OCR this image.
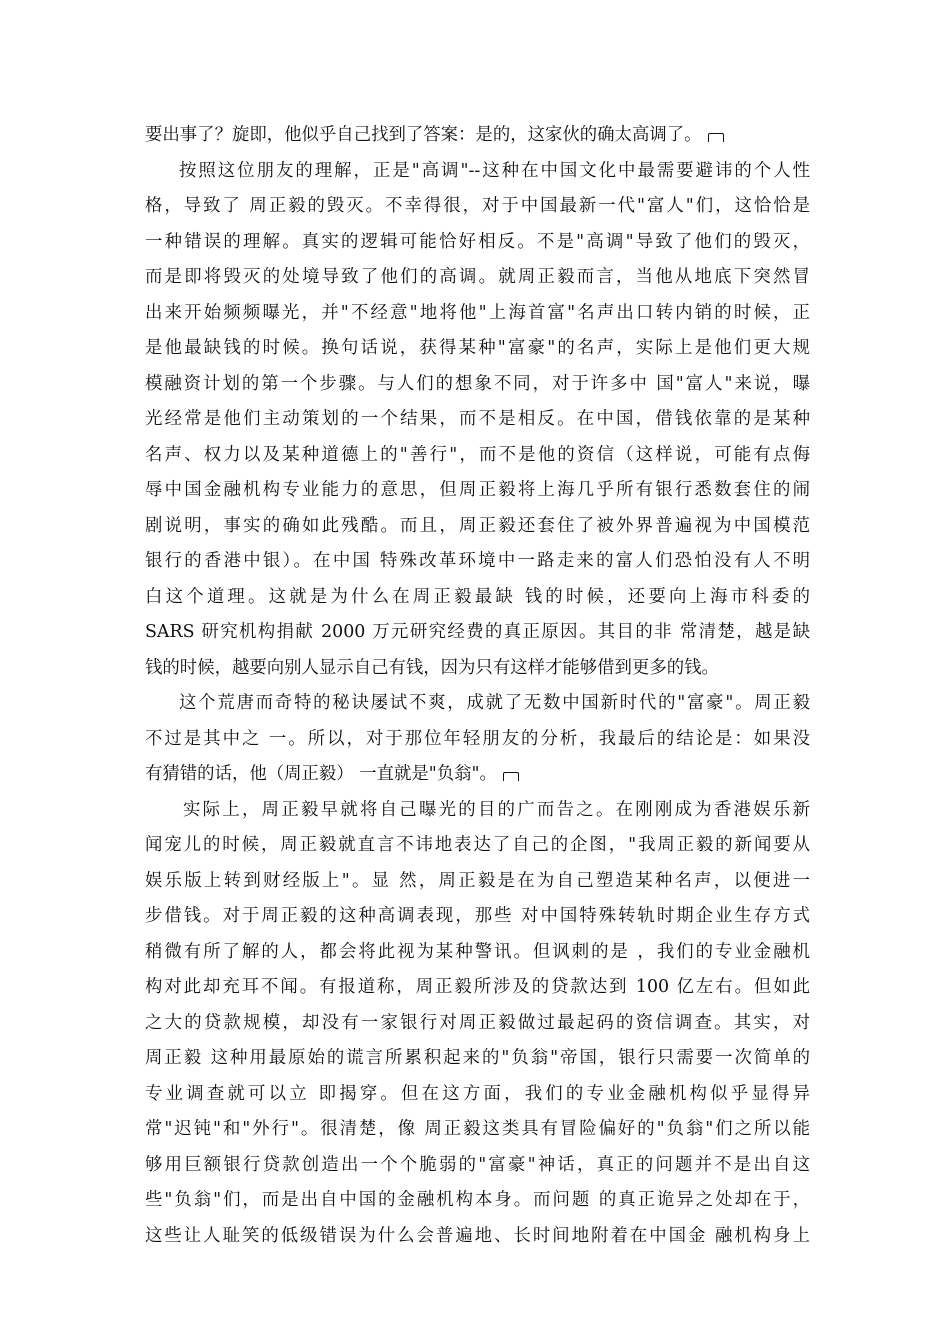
要出事了？旋即，他似乎自己找到了答案：是的，这家伙的确太高调了。
按照这位朋友的理解，正是"高调"--这种在中国文化中最需要避讳的个人性
格，导致了 周正毅的毁灭。不幸得很，对于中国最新一代"富人"们，这恰恰是
一种错误的理解。真实的逻辑可能恰好相反。不是"高调"导致了他们的毁灭，
而是即将毁灭的处境导致了他们的高调。就周正毅而言，当他从地底下突然冒
出来开始频频曝光，并"不经意"地将他"上海首富"名声出口转内销的时候，正
是他最缺钱的时候。换句话说，获得某种"富豪"的名声，实际上是他们更大规
模融资计划的第一个步骤。与人们的想象不同，对于许多中 国"富人"来说，曝
光经常是他们主动策划的一个结果，而不是相反。在中国，借钱依靠的是某种
名声、权力以及某种道德上的"善行"，而不是他的资信（这样说，可能有点侮
辱中国金融机构专业能力的意思，但周正毅将上海几乎所有银行悉数套住的闹
剧说明，事实的确如此残酷。而且，周正毅还套住了被外界普遍视为中国模范
银行的香港中银）。在中国 特殊改革环境中一路走来的富人们恐怕没有人不明
白这个道理。这就是为什么在周正毅最缺 钱的时候，还要向上海市科委的
SARS 研究机构捐献 2000 万元研究经费的真正原因。其目的非 常清楚，越是缺
钱的时候，越要向别人显示自己有钱，因为只有这样才能够借到更多的钱。
这个荒唐而奇特的秘诀屡试不爽，成就了无数中国新时代的"富豪"。周正毅
不过是其中之 一。所以，对于那位年轻朋友的分析，我最后的结论是：如果没
有猜错的话，他（周正毅） 一直就是"负翁"。
实际上，周正毅早就将自己曝光的目的广而告之。在刚刚成为香港娱乐新
闻宠儿的时候，周正毅就直言不讳地表达了自己的企图，"我周正毅的新闻要从
娱乐版上转到财经版上"。显 然，周正毅是在为自己塑造某种名声，以便进一
步借钱。对于周正毅的这种高调表现，那些 对中国特殊转轨时期企业生存方式
稍微有所了解的人，都会将此视为某种警讯。但讽刺的是 ，我们的专业金融机
构对此却充耳不闻。有报道称，周正毅所涉及的贷款达到 100 亿左右。但如此
之大的贷款规模，却没有一家银行对周正毅做过最起码的资信调查。其实，对
周正毅 这种用最原始的谎言所累积起来的"负翁"帝国，银行只需要一次简单的
专业调查就可以立 即揭穿。但在这方面，我们的专业金融机构似乎显得异
常"迟钝"和"外行"。很清楚，像 周正毅这类具有冒险偏好的"负翁"们之所以能
够用巨额银行贷款创造出一个个脆弱的"富豪"神话，真正的问题并不是出自这
些"负翁"们，而是出自中国的金融机构本身。而问题 的真正诡异之处却在于，
这些让人耻笑的低级错误为什么会普遍地、长时间地附着在中国金 融机构身上
